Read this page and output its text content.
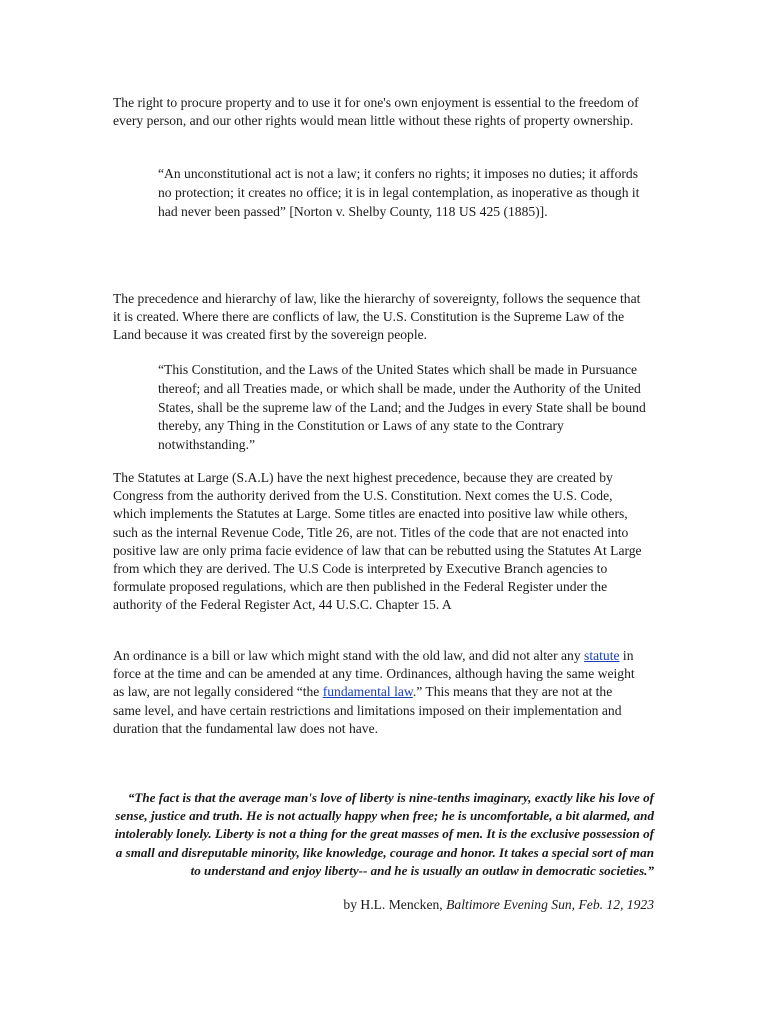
The right to procure property and to use it for one's own enjoyment is essential to the freedom of every person, and our other rights would mean little without these rights of property ownership.

“An unconstitutional act is not a law; it confers no rights; it imposes no duties; it affords no protection; it creates no office; it is in legal contemplation, as inoperative as though it had never been passed” [Norton v. Shelby County, 118 US 425 (1885)].

The precedence and hierarchy of law, like the hierarchy of sovereignty, follows the sequence that it is created. Where there are conflicts of law, the U.S. Constitution is the Supreme Law of the Land because it was created first by the sovereign people.

“This Constitution, and the Laws of the United States which shall be made in Pursuance thereof; and all Treaties made, or which shall be made, under the Authority of the United States, shall be the supreme law of the Land; and the Judges in every State shall be bound thereby, any Thing in the Constitution or Laws of any state to the Contrary notwithstanding.”

The Statutes at Large (S.A.L) have the next highest precedence, because they are created by Congress from the authority derived from the U.S. Constitution. Next comes the U.S. Code, which implements the Statutes at Large. Some titles are enacted into positive law while others, such as the internal Revenue Code, Title 26, are not. Titles of the code that are not enacted into positive law are only prima facie evidence of law that can be rebutted using the Statutes At Large from which they are derived. The U.S Code is interpreted by Executive Branch agencies to formulate proposed regulations, which are then published in the Federal Register under the authority of the Federal Register Act, 44 U.S.C. Chapter 15. A

An ordinance is a bill or law which might stand with the old law, and did not alter any statute in force at the time and can be amended at any time. Ordinances, although having the same weight as law, are not legally considered “the fundamental law.” This means that they are not at the same level, and have certain restrictions and limitations imposed on their implementation and duration that the fundamental law does not have.

“The fact is that the average man's love of liberty is nine-tenths imaginary, exactly like his love of sense, justice and truth. He is not actually happy when free; he is uncomfortable, a bit alarmed, and intolerably lonely. Liberty is not a thing for the great masses of men. It is the exclusive possession of a small and disreputable minority, like knowledge, courage and honor. It takes a special sort of man to understand and enjoy liberty-- and he is usually an outlaw in democratic societies.”

by H.L. Mencken, Baltimore Evening Sun, Feb. 12, 1923
